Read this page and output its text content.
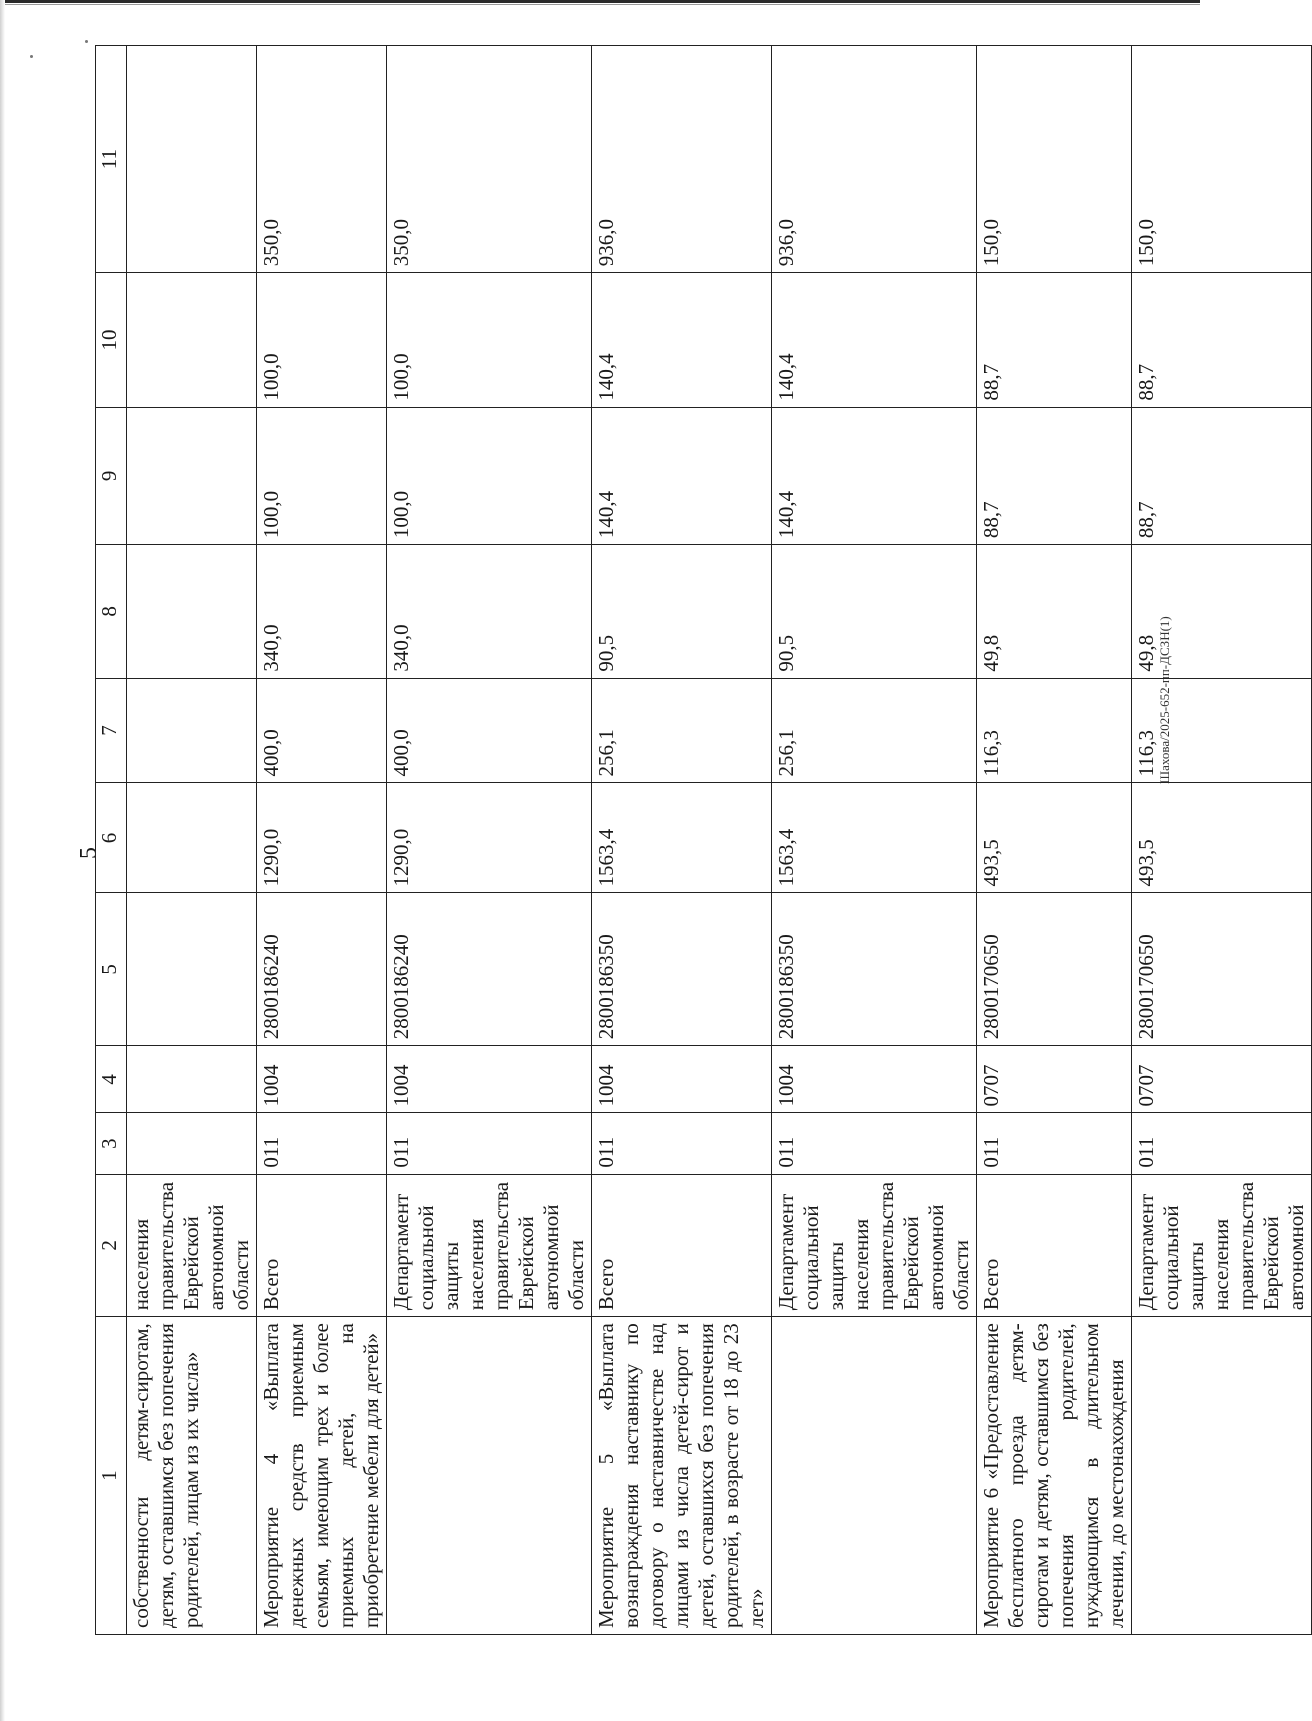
5
Шахова/2025-652-пп-ДСЗН(1)
1	2	3	4	5	6	7	8	9	10	11
собственности детям-сиротам, детям, оставшимся без попечения родителей, лицам из их числа»	населения правительства Еврейской автономной области									
Мероприятие 4 «Выплата денежных средств приемным семьям, имеющим трех и более приемных детей, на приобретение мебели для детей»	Всего	011	1004	2800186240	1290,0	400,0	340,0	100,0	100,0	350,0
	Департамент социальной защиты населения правительства Еврейской автономной области	011	1004	2800186240	1290,0	400,0	340,0	100,0	100,0	350,0
Мероприятие 5 «Выплата вознаграждения наставнику по договору о наставничестве над лицами из числа детей-сирот и детей, оставшихся без попечения родителей, в возрасте от 18 до 23 лет»	Всего	011	1004	2800186350	1563,4	256,1	90,5	140,4	140,4	936,0
	Департамент социальной защиты населения правительства Еврейской автономной области	011	1004	2800186350	1563,4	256,1	90,5	140,4	140,4	936,0
Мероприятие 6 «Предоставление бесплатного проезда детям-сиротам и детям, оставшимся без попечения родителей, нуждающимся в длительном лечении, до местонахождения	Всего	011	0707	2800170650	493,5	116,3	49,8	88,7	88,7	150,0
	Департамент социальной защиты населения правительства Еврейской автономной	011	0707	2800170650	493,5	116,3	49,8	88,7	88,7	150,0
